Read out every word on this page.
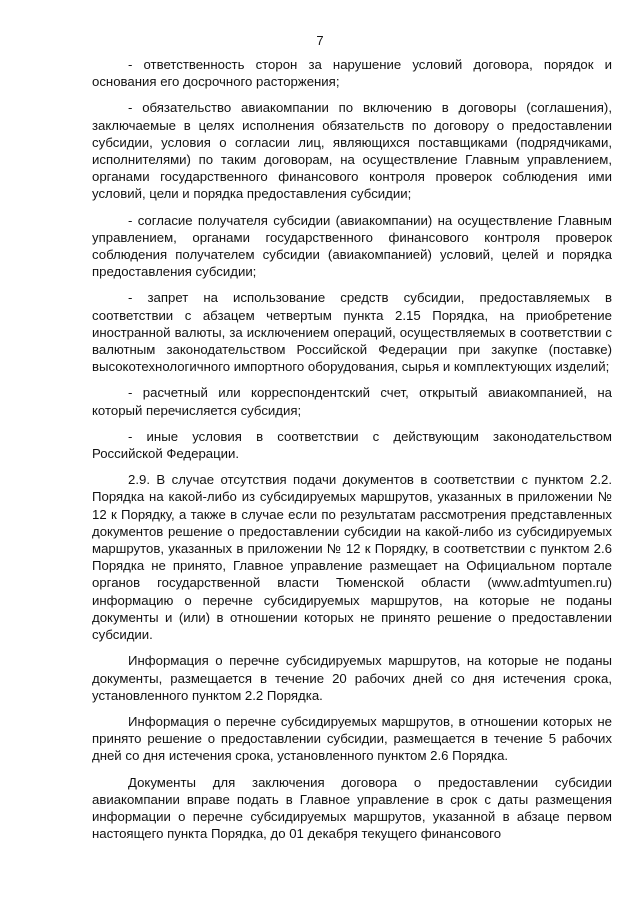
7

- ответственность сторон за нарушение условий договора, порядок и основания его досрочного расторжения;

- обязательство авиакомпании по включению в договоры (соглашения), заключаемые в целях исполнения обязательств по договору о предоставлении субсидии, условия о согласии лиц, являющихся поставщиками (подрядчиками, исполнителями) по таким договорам, на осуществление Главным управлением, органами государственного финансового контроля проверок соблюдения ими условий, цели и порядка предоставления субсидии;

- согласие получателя субсидии (авиакомпании) на осуществление Главным управлением, органами государственного финансового контроля проверок соблюдения получателем субсидии (авиакомпанией) условий, целей и порядка предоставления субсидии;

- запрет на использование средств субсидии, предоставляемых в соответствии с абзацем четвертым пункта 2.15 Порядка, на приобретение иностранной валюты, за исключением операций, осуществляемых в соответствии с валютным законодательством Российской Федерации при закупке (поставке) высокотехнологичного импортного оборудования, сырья и комплектующих изделий;

- расчетный или корреспондентский счет, открытый авиакомпанией, на который перечисляется субсидия;

- иные условия в соответствии с действующим законодательством Российской Федерации.

2.9. В случае отсутствия подачи документов в соответствии с пунктом 2.2. Порядка на какой-либо из субсидируемых маршрутов, указанных в приложении № 12 к Порядку, а также в случае если по результатам рассмотрения представленных документов решение о предоставлении субсидии на какой-либо из субсидируемых маршрутов, указанных в приложении № 12 к Порядку, в соответствии с пунктом 2.6 Порядка не принято, Главное управление размещает на Официальном портале органов государственной власти Тюменской области (www.admtyumen.ru) информацию о перечне субсидируемых маршрутов, на которые не поданы документы и (или) в отношении которых не принято решение о предоставлении субсидии.

Информация о перечне субсидируемых маршрутов, на которые не поданы документы, размещается в течение 20 рабочих дней со дня истечения срока, установленного пунктом 2.2 Порядка.

Информация о перечне субсидируемых маршрутов, в отношении которых не принято решение о предоставлении субсидии, размещается в течение 5 рабочих дней со дня истечения срока, установленного пунктом 2.6 Порядка.

Документы для заключения договора о предоставлении субсидии авиакомпании вправе подать в Главное управление в срок с даты размещения информации о перечне субсидируемых маршрутов, указанной в абзаце первом настоящего пункта Порядка, до 01 декабря текущего финансового
